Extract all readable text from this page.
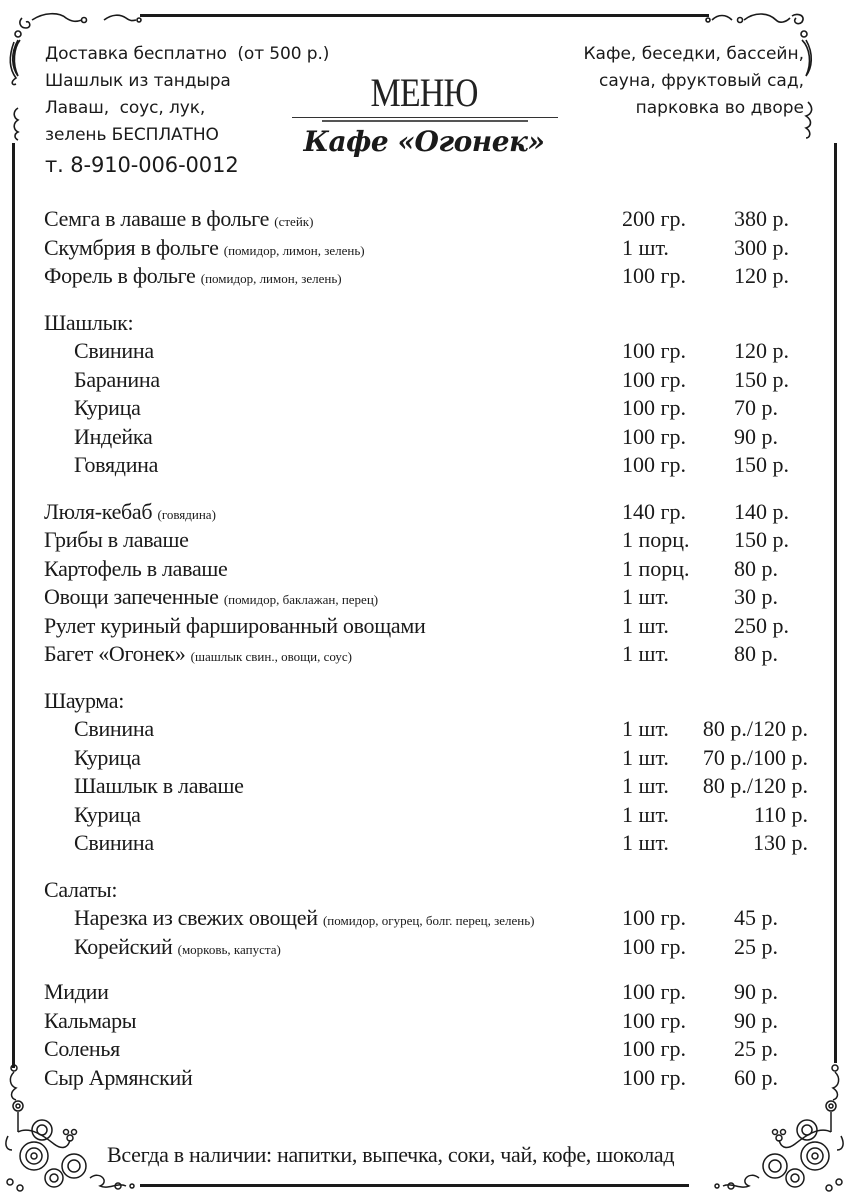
Доставка бесплатно  (от 500 р.)
Шашлык из тандыра
Лаваш,  соус, лук,
зелень БЕСПЛАТНО
т. 8-910-006-0012
МЕНЮ
Кафе «Огонек»
Кафе, беседки, бассейн,
сауна, фруктовый сад,
парковка во дворе
Семга в лаваше в фольге (стейк)	200 гр. 380 р.
Скумбрия в фольге (помидор, лимон, зелень)	1 шт.	300 р.
Форель в фольге (помидор, лимон, зелень)	100 гр. 120 р.
Шашлык:
Свинина	100 гр. 120 р.
Баранина	100 гр. 150 р.
Курица	100 гр. 70 р.
Индейка	100 гр. 90 р.
Говядина	100 гр. 150 р.
Люля-кебаб (говядина)	140 гр. 140 р.
Грибы в лаваше	1 порц. 150 р.
Картофель в лаваше	1 порц. 80 р.
Овощи запеченные (помидор, баклажан, перец)	1 шт.	30 р.
Рулет куриный фаршированный овощами	1 шт.	250 р.
Багет «Огонек» (шашлык свин., овощи, соус)	1 шт.	80 р.
Шаурма:
Свинина	1 шт. 80 р./120 р.
Курица	1 шт. 70 р./100 р.
Шашлык в лаваше	1 шт. 80 р./120 р.
Курица	1 шт.	110 р.
Свинина	1 шт.	130 р.
Салаты:
Нарезка из свежих овощей (помидор, огурец, болг. перец, зелень)	100 гр. 45 р.
Корейский (морковь, капуста)	100 гр. 25 р.
Мидии	100 гр. 90 р.
Кальмары	100 гр. 90 р.
Соленья	100 гр. 25 р.
Сыр Армянский	100 гр. 60 р.
Всегда в наличии: напитки, выпечка, соки, чай, кофе, шоколад
